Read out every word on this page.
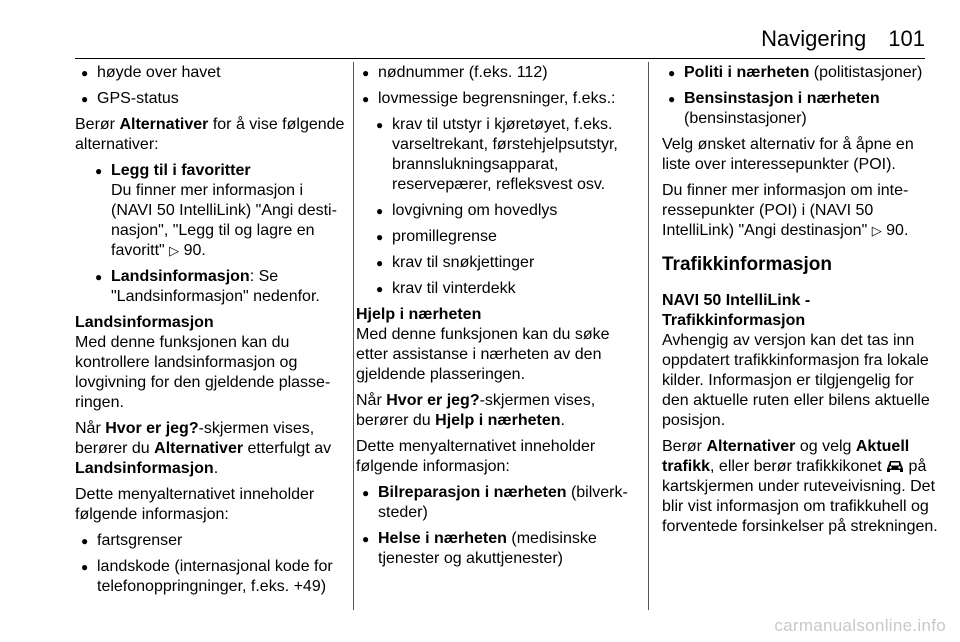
Navigering 101
● høyde over havet
● GPS-status

Berør Alternativer for å vise følgende alternativer:

● Legg til i favoritter
Du finner mer informasjon i (NAVI 50 IntelliLink) "Angi destinasjon", "Legg til og lagre en favoritt" ▷ 90.
● Landsinformasjon: Se "Landsinformasjon" nedenfor.

Landsinformasjon
Med denne funksjonen kan du kontrollere landsinformasjon og lovgivning for den gjeldende plasseringen.

Når Hvor er jeg?-skjermen vises, berører du Alternativer etterfulgt av Landsinformasjon.

Dette menyalternativet inneholder følgende informasjon:

● fartsgrenser
● landskode (internasjonal kode for telefonoppringninger, f.eks. +49)
● nødnummer (f.eks. 112)
● lovmessige begrensninger, f.eks.:
● krav til utstyr i kjøretøyet, f.eks. varseltrekant, førstehjelpsutstyr, brannslukningsapparat, reservepærer, refleksvest osv.
● lovgivning om hovedlys
● promillegrense
● krav til snøkjettinger
● krav til vinterdekk

Hjelp i nærheten
Med denne funksjonen kan du søke etter assistanse i nærheten av den gjeldende plasseringen.

Når Hvor er jeg?-skjermen vises, berører du Hjelp i nærheten.

Dette menyalternativet inneholder følgende informasjon:

● Bilreparasjon i nærheten (bilverksteder)
● Helse i nærheten (medisinske tjenester og akuttjenester)
● Politi i nærheten (politistasjoner)
● Bensinstasjon i nærheten
(bensinstasjoner)

Velg ønsket alternativ for å åpne en liste over interessepunkter (POI).

Du finner mer informasjon om interessepunkter (POI) i (NAVI 50 IntelliLink) "Angi destinasjon" ▷ 90.

Trafikkinformasjon

NAVI 50 IntelliLink - Trafikkinformasjon
Avhengig av versjon kan det tas inn oppdatert trafikkinformasjon fra lokale kilder. Informasjon er tilgjengelig for den aktuelle ruten eller bilens aktuelle posisjon.

Berør Alternativer og velg Aktuell trafikk, eller berør trafikkikonet  på kartskjermen under ruteveivisning. Det blir vist informasjon om trafikkuhell og forventede forsinkelser på strekningen.

carmanualsonline.info
